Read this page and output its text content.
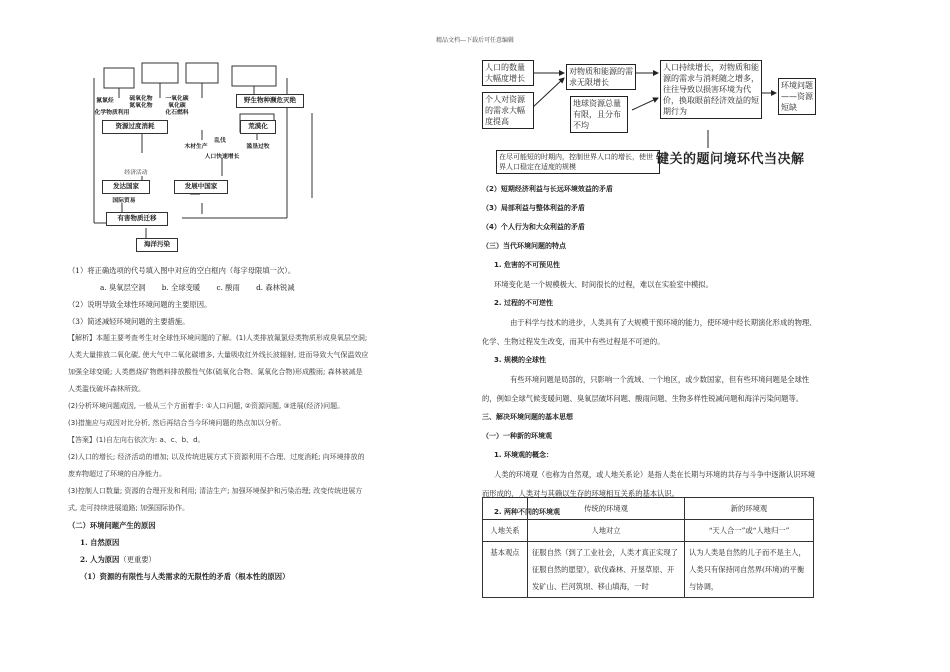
精品文档---下载后可任意编辑
氟氯烃	硫氧化物
氮氧化物
一氧化碳
氧化碳
化学物质利用	化石燃料
资源过度消耗
野生物种濒危灭绝
荒漠化
木材生产
乱伐
滥垦过牧
人口快速增长
经济活动
发达国家	发展中国家
国际贸易
有害物质迁移
海洋污染

（1）将正确选项的代号填入图中对应的空白框内（每字母限填一次）。

a. 臭氧层空洞 b. 全球变暖 c. 酸雨 d. 森林锐减

（2）说明导致全球性环境问题的主要原因。

（3）简述减轻环境问题的主要措施。

【解析】本题主要考查考生对全球性环境问题的了解。(1)人类排放氟氯烃类物质形成臭氧层空洞;

人类大量排放二氧化碳, 使大气中二氧化碳增多, 大量吸收红外线长波辐射, 进而导致大气保温效应

加强全球变暖; 人类燃烧矿物燃料排放酸性气体(硫氧化合物、氮氧化合物)形成酸雨; 森林被减是

人类滥伐破坏森林所致。

(2)分析环境问题成因, 一般从三个方面着手: ①人口问题, ②资源问题, ③进展(经济)问题。

(3)措施应与成因对比分析, 然后再结合当今环境问题的热点加以分析。

【答案】(1)自左向右依次为: a、c、b、d。

(2)人口的增长; 经济活动的增加; 以及传统进展方式下资源利用不合理、过度消耗; 向环境排放的

废弃物超过了环境的自净能力。

(3)控制人口数量; 资源的合理开发和利用; 清洁生产; 加强环境保护和污染治理; 改变传统进展方

式, 走可持续进展道路; 加强国际协作。

（二）环境问题产生的原因

1. 自然原因

2. 人为原因（更重要）

（1）资源的有限性与人类需求的无限性的矛盾（根本性的原因）

人口的数量大幅度增长
个人对资源的需求大幅度提高
对物质和能源的需求无限增长
地球资源总量有限，且分布不均
人口持续增长，对物质和能源的需求与消耗随之增多，往往导致以损害环境为代价，换取眼前经济效益的短期行为
环境问题——资源短缺
在尽可能短的时期内，控制世界人口的增长，使世界人口稳定在适度的规模	键关的题问境环代当决解

（2）短期经济利益与长远环境效益的矛盾

（3）局部利益与整体利益的矛盾

（4）个人行为和大众利益的矛盾

（三）当代环境问题的特点

1. 危害的不可预见性

环境变化是一个规模极大、时间很长的过程，难以在实验室中模拟。

2. 过程的不可逆性

由于科学与技术的进步，人类具有了大规模干预环境的能力，使环境中经长期演化形成的物理、化学、生物过程发生改变，而其中有些过程是不可逆的。

3. 规模的全球性

有些环境问题是局部的，只影响一个流域、一个地区，或少数国家，但有些环境问题是全球性的，例如全球气候变暖问题、臭氧层破坏问题、酸雨问题、生物多样性锐减问题和海洋污染问题等。

三、解决环境问题的基本思想

（一）一种新的环境观

1. 环境观的概念：

人类的环境观（也称为自然观，或人地关系论）是指人类在长期与环境的共存与斗争中逐渐认识环境而形成的，人类对与其赖以生存的环境相互关系的基本认识。

2. 两种不同的环境观

		传统的环境观	新的环境观
人地关系	人地对立	“天人合一”或“人地归一”
基本观点	征服自然（到了工业社会，人类才真正实现了征服自然的愿望），砍伐森林、开垦草原、开发矿山、拦河筑坝、移山填海，一时	认为人类是自然的儿子而不是主人，人类只有保持同自然界(环境)的平衡与协调，
